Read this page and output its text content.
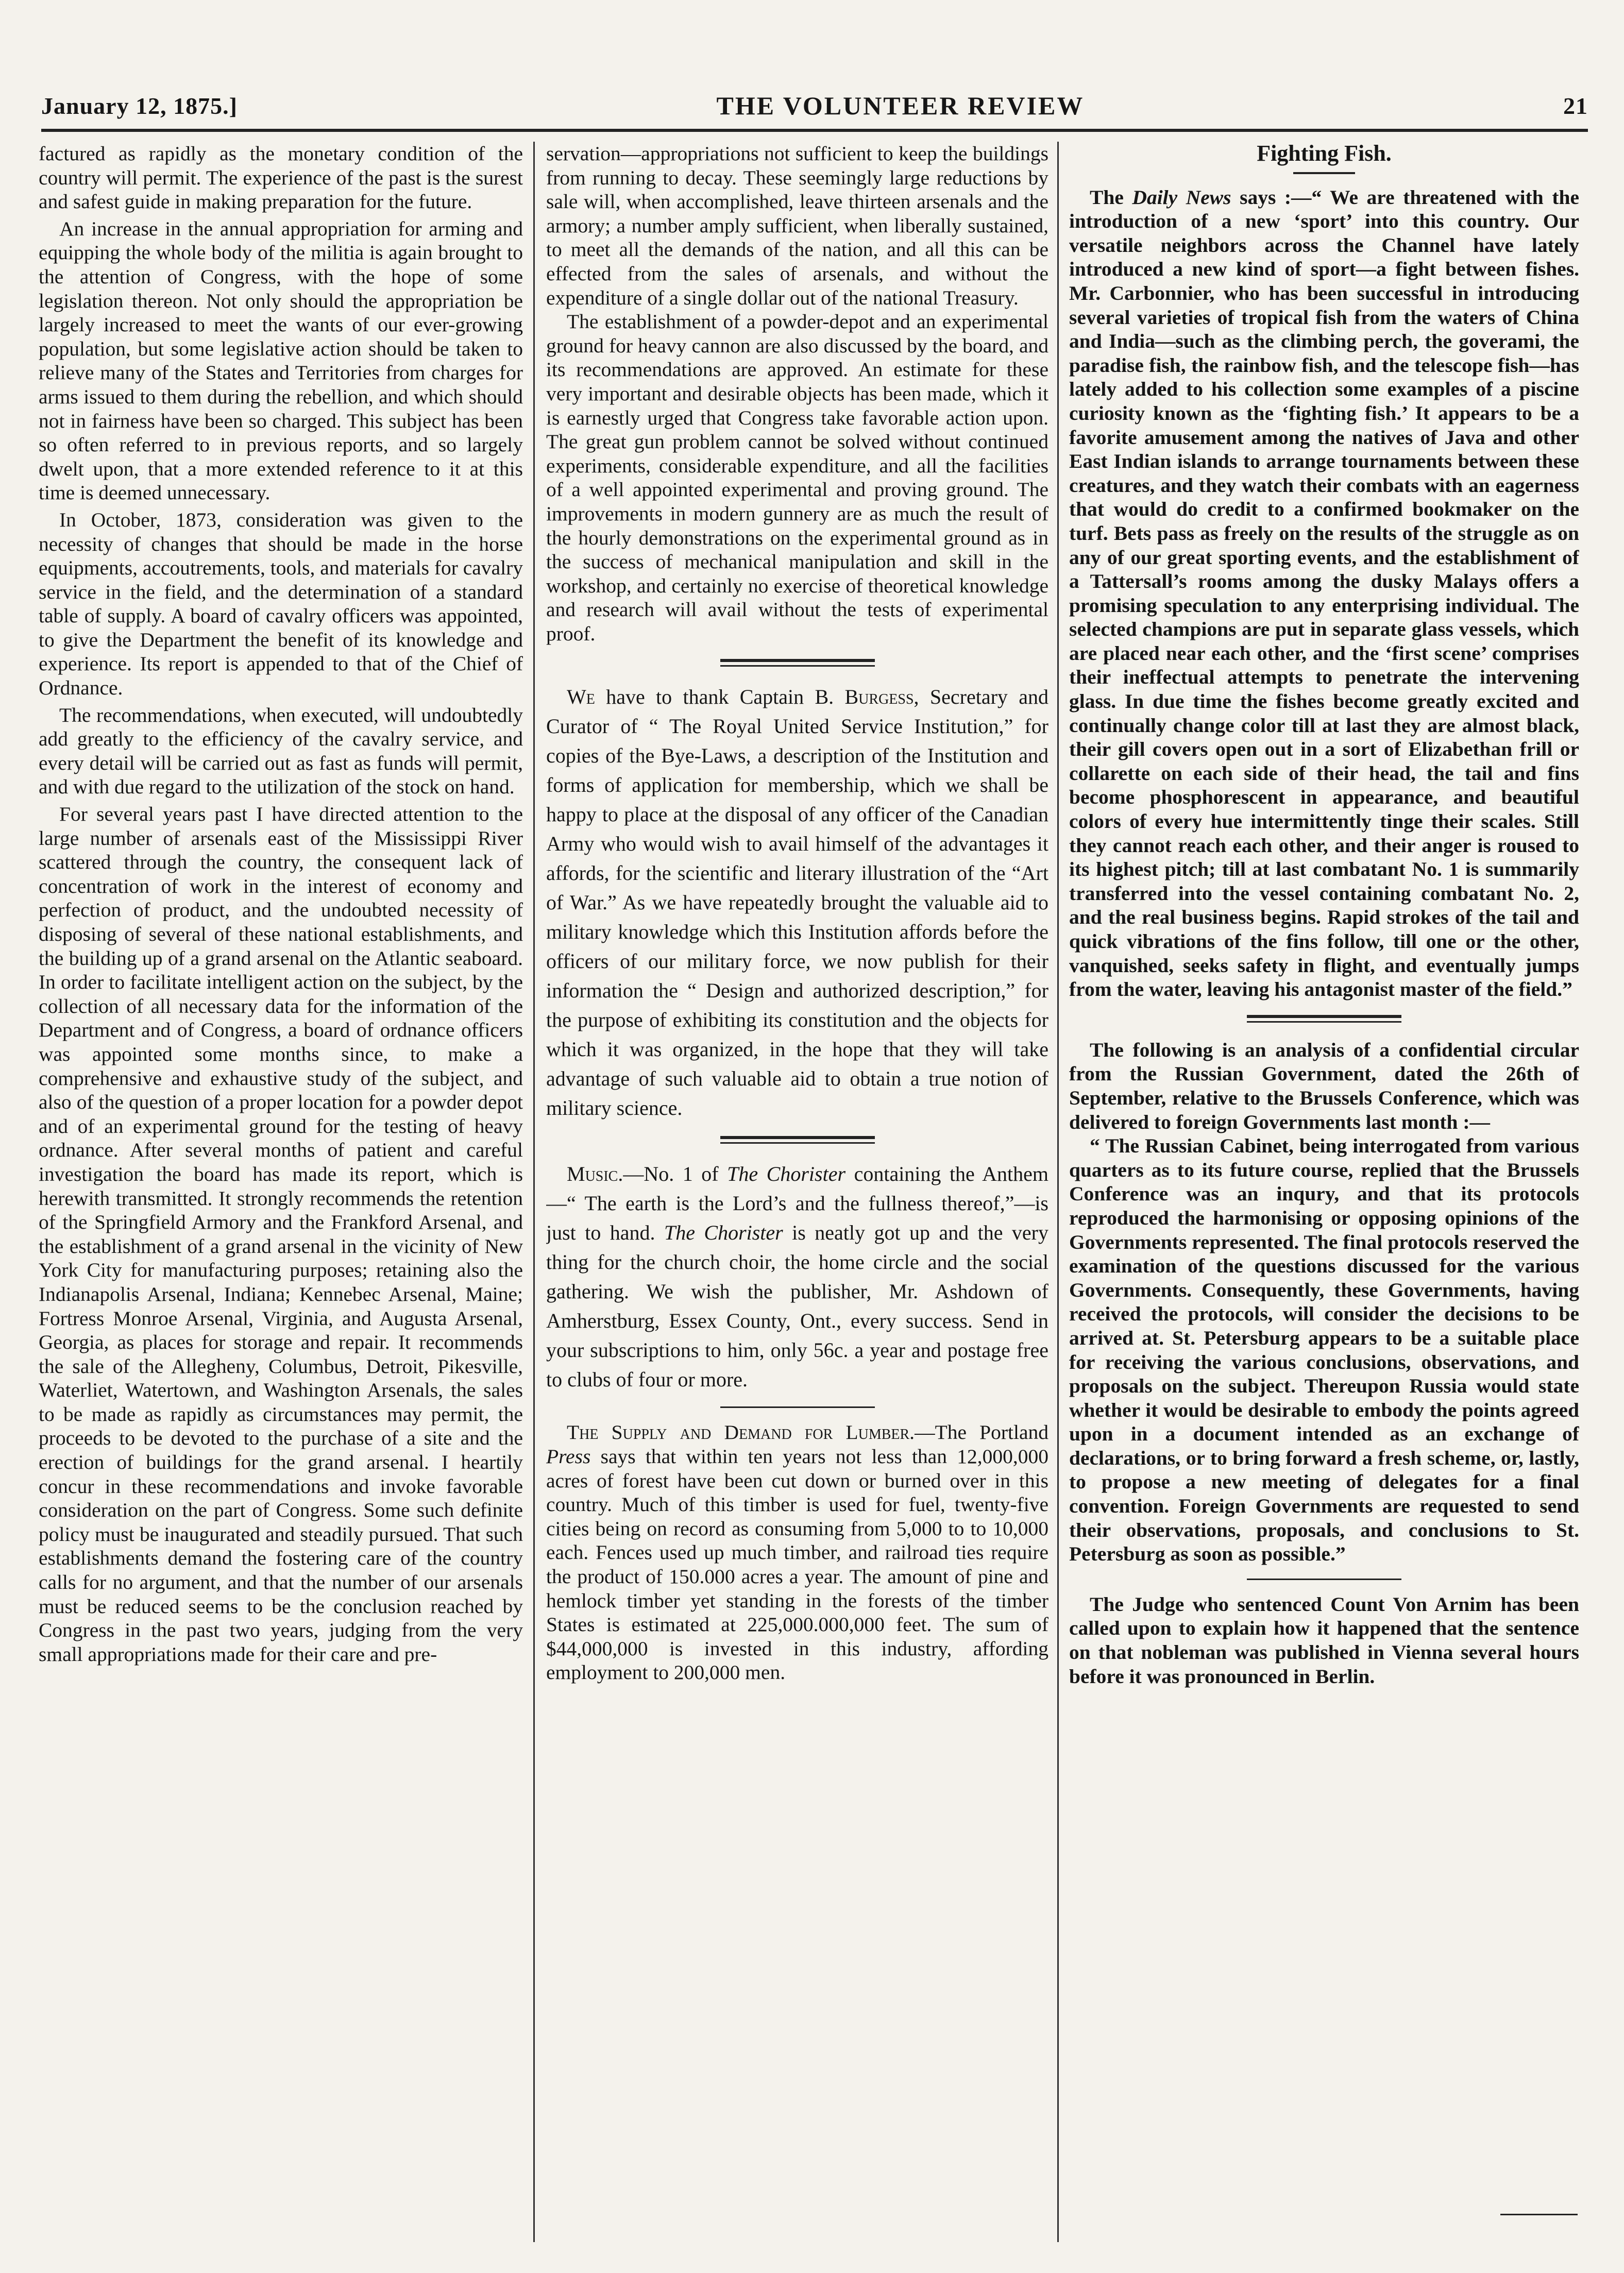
January 12, 1875.]	THE VOLUNTEER REVIEW	21

factured as rapidly as the monetary condition of the country will permit. The experience of the past is the surest and safest guide in making preparation for the future.

An increase in the annual appropriation for arming and equipping the whole body of the militia is again brought to the attention of Congress, with the hope of some legislation thereon. Not only should the appropriation be largely increased to meet the wants of our ever-growing population, but some legislative action should be taken to relieve many of the States and Territories from charges for arms issued to them during the rebellion, and which should not in fairness have been so charged. This subject has been so often referred to in previous reports, and so largely dwelt upon, that a more extended reference to it at this time is deemed unnecessary.

In October, 1873, consideration was given to the necessity of changes that should be made in the horse equipments, accoutrements, tools, and materials for cavalry service in the field, and the determination of a standard table of supply. A board of cavalry officers was appointed, to give the Department the benefit of its knowledge and experience. Its report is appended to that of the Chief of Ordnance.

The recommendations, when executed, will undoubtedly add greatly to the efficiency of the cavalry service, and every detail will be carried out as fast as funds will permit, and with due regard to the utilization of the stock on hand.

For several years past I have directed attention to the large number of arsenals east of the Mississippi River scattered through the country, the consequent lack of concentration of work in the interest of economy and perfection of product, and the undoubted necessity of disposing of several of these national establishments, and the building up of a grand arsenal on the Atlantic seaboard. In order to facilitate intelligent action on the subject, by the collection of all necessary data for the information of the Department and of Congress, a board of ordnance officers was appointed some months since, to make a comprehensive and exhaustive study of the subject, and also of the question of a proper location for a powder depot and of an experimental ground for the testing of heavy ordnance. After several months of patient and careful investigation the board has made its report, which is herewith transmitted. It strongly recommends the retention of the Springfield Armory and the Frankford Arsenal, and the establishment of a grand arsenal in the vicinity of New York City for manufacturing purposes; retaining also the Indianapolis Arsenal, Indiana; Kennebec Arsenal, Maine; Fortress Monroe Arsenal, Virginia, and Augusta Arsenal, Georgia, as places for storage and repair. It recommends the sale of the Allegheny, Columbus, Detroit, Pikesville, Waterliet, Watertown, and Washington Arsenals, the sales to be made as rapidly as circumstances may permit, the proceeds to be devoted to the purchase of a site and the erection of buildings for the grand arsenal. I heartily concur in these recommendations and invoke favorable consideration on the part of Congress. Some such definite policy must be inaugurated and steadily pursued. That such establishments demand the fostering care of the country calls for no argument, and that the number of our arsenals must be reduced seems to be the conclusion reached by Congress in the past two years, judging from the very small appropriations made for their care and pre-

servation—appropriations not sufficient to keep the buildings from running to decay. These seemingly large reductions by sale will, when accomplished, leave thirteen arsenals and the armory; a number amply sufficient, when liberally sustained, to meet all the demands of the nation, and all this can be effected from the sales of arsenals, and without the expenditure of a single dollar out of the national Treasury.

The establishment of a powder-depot and an experimental ground for heavy cannon are also discussed by the board, and its recommendations are approved. An estimate for these very important and desirable objects has been made, which it is earnestly urged that Congress take favorable action upon. The great gun problem cannot be solved without continued experiments, considerable expenditure, and all the facilities of a well appointed experimental and proving ground. The improvements in modern gunnery are as much the result of the hourly demonstrations on the experimental ground as in the success of mechanical manipulation and skill in the workshop, and certainly no exercise of theoretical knowledge and research will avail without the tests of experimental proof.

We have to thank Captain B. Burgess, Secretary and Curator of “ The Royal United Service Institution,” for copies of the Bye-Laws, a description of the Institution and forms of application for membership, which we shall be happy to place at the disposal of any officer of the Canadian Army who would wish to avail himself of the advantages it affords, for the scientific and literary illustration of the “Art of War.” As we have repeatedly brought the valuable aid to military knowledge which this Institution affords before the officers of our military force, we now publish for their information the “ Design and authorized description,” for the purpose of exhibiting its constitution and the objects for which it was organized, in the hope that they will take advantage of such valuable aid to obtain a true notion of military science.

Music.—No. 1 of The Chorister containing the Anthem—“ The earth is the Lord’s and the fullness thereof,”—is just to hand. The Chorister is neatly got up and the very thing for the church choir, the home circle and the social gathering. We wish the publisher, Mr. Ashdown of Amherstburg, Essex County, Ont., every success. Send in your subscriptions to him, only 56c. a year and postage free to clubs of four or more.

The Supply and Demand for Lumber.—The Portland Press says that within ten years not less than 12,000,000 acres of forest have been cut down or burned over in this country. Much of this timber is used for fuel, twenty-five cities being on record as consuming from 5,000 to to 10,000 each. Fences used up much timber, and railroad ties require the product of 150.000 acres a year. The amount of pine and hemlock timber yet standing in the forests of the timber States is estimated at 225,000.000,000 feet. The sum of $44,000,000 is invested in this industry, affording employment to 200,000 men.

Fighting Fish.

The Daily News says :—“ We are threatened with the introduction of a new ‘sport’ into this country. Our versatile neighbors across the Channel have lately introduced a new kind of sport—a fight between fishes. Mr. Carbonnier, who has been successful in introducing several varieties of tropical fish from the waters of China and India—such as the climbing perch, the goverami, the paradise fish, the rainbow fish, and the telescope fish—has lately added to his collection some examples of a piscine curiosity known as the ‘fighting fish.’ It appears to be a favorite amusement among the natives of Java and other East Indian islands to arrange tournaments between these creatures, and they watch their combats with an eagerness that would do credit to a confirmed bookmaker on the turf. Bets pass as freely on the results of the struggle as on any of our great sporting events, and the establishment of a Tattersall’s rooms among the dusky Malays offers a promising speculation to any enterprising individual. The selected champions are put in separate glass vessels, which are placed near each other, and the ‘first scene’ comprises their ineffectual attempts to penetrate the intervening glass. In due time the fishes become greatly excited and continually change color till at last they are almost black, their gill covers open out in a sort of Elizabethan frill or collarette on each side of their head, the tail and fins become phosphorescent in appearance, and beautiful colors of every hue intermittently tinge their scales. Still they cannot reach each other, and their anger is roused to its highest pitch; till at last combatant No. 1 is summarily transferred into the vessel containing combatant No. 2, and the real business begins. Rapid strokes of the tail and quick vibrations of the fins follow, till one or the other, vanquished, seeks safety in flight, and eventually jumps from the water, leaving his antagonist master of the field.”

The following is an analysis of a confidential circular from the Russian Government, dated the 26th of September, relative to the Brussels Conference, which was delivered to foreign Governments last month :—

“ The Russian Cabinet, being interrogated from various quarters as to its future course, replied that the Brussels Conference was an inqury, and that its protocols reproduced the harmonising or opposing opinions of the Governments represented. The final protocols reserved the examination of the questions discussed for the various Governments. Consequently, these Governments, having received the protocols, will consider the decisions to be arrived at. St. Petersburg appears to be a suitable place for receiving the various conclusions, observations, and proposals on the subject. Thereupon Russia would state whether it would be desirable to embody the points agreed upon in a document intended as an exchange of declarations, or to bring forward a fresh scheme, or, lastly, to propose a new meeting of delegates for a final convention. Foreign Governments are requested to send their observations, proposals, and conclusions to St. Petersburg as soon as possible.”

The Judge who sentenced Count Von Arnim has been called upon to explain how it happened that the sentence on that nobleman was published in Vienna several hours before it was pronounced in Berlin.
